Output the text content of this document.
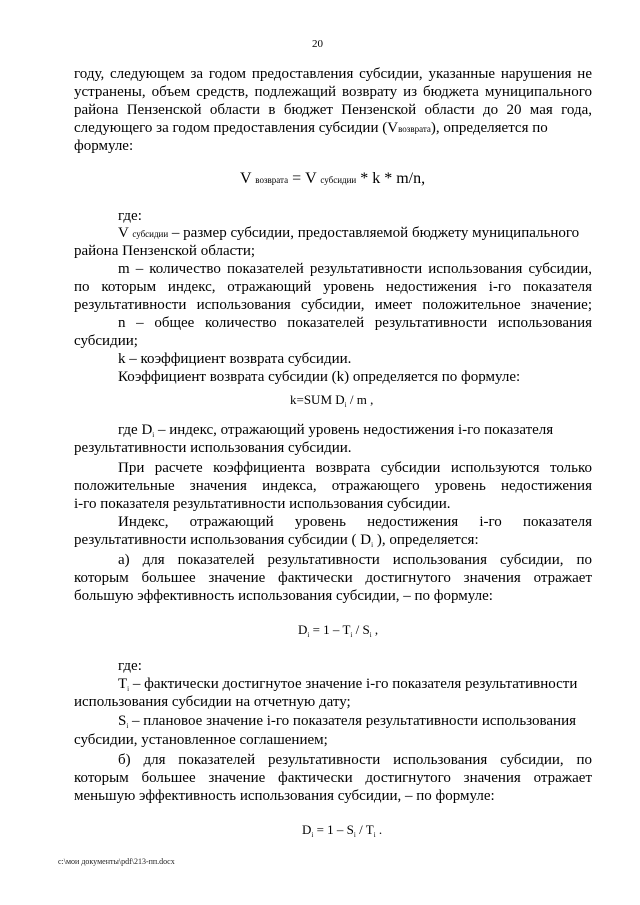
20
году, следующем за годом предоставления субсидии, указанные нарушения не
устранены, объем средств, подлежащий возврату из бюджета муниципального
района Пензенской области в бюджет Пензенской области до 20 мая года,
следующего за годом предоставления субсидии (Vвозврата), определяется по
формуле:
V возврата = V субсидии * k * m/n,
где:
V субсидии – размер субсидии, предоставляемой бюджету муниципального
района Пензенской области;
m – количество показателей результативности использования субсидии,
по которым индекс, отражающий уровень недостижения i-го показателя
результативности использования субсидии, имеет положительное значение;
n – общее количество показателей результативности использования
субсидии;
k – коэффициент возврата субсидии.
Коэффициент возврата субсидии (k) определяется по формуле:
k=SUM $D_i$ / m ,
где $D_i$ – индекс, отражающий уровень недостижения i-го показателя
результативности использования субсидии.
При расчете коэффициента возврата субсидии используются только
положительные значения индекса, отражающего уровень недостижения
i-го показателя результативности использования субсидии.
Индекс, отражающий уровень недостижения i-го показателя
результативности использования субсидии ( $D_i$ ), определяется:
а) для показателей результативности использования субсидии, по
которым большее значение фактически достигнутого значения отражает
большую эффективность использования субсидии, – по формуле:
$D_i = 1 - T_i / S_i$ ,
где:
$T_i$ – фактически достигнутое значение i-го показателя результативности
использования субсидии на отчетную дату;
$S_i$ – плановое значение i-го показателя результативности использования
субсидии, установленное соглашением;
б) для показателей результативности использования субсидии, по
которым большее значение фактически достигнутого значения отражает
меньшую эффективность использования субсидии, – по формуле:
$D_i = 1 - S_i / T_i$ .
c:\мои документы\pdf\213-пп.docx
